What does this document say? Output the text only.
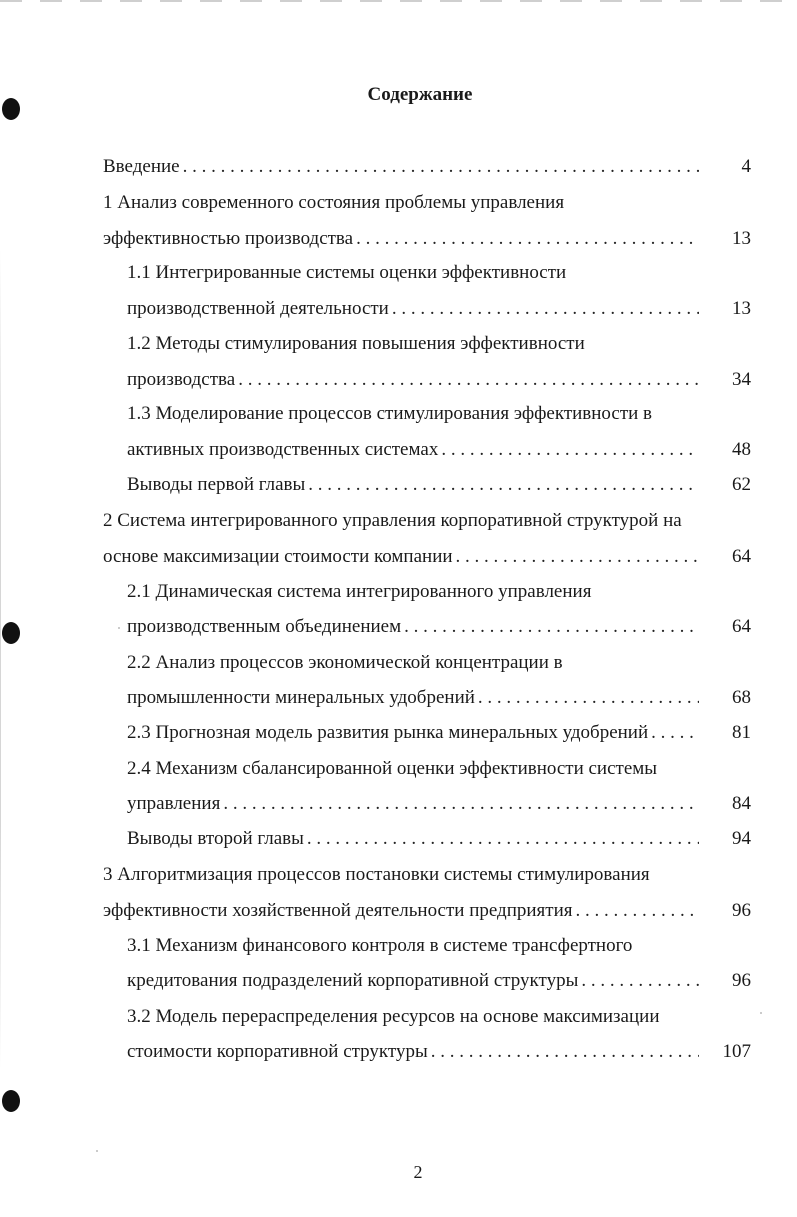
Содержание
Введение . . .	4
1 Анализ современного состояния проблемы управления
эффективностью производства . . .	13
1.1 Интегрированные системы оценки эффективности
производственной деятельности . . .	13
1.2 Методы стимулирования повышения эффективности
производства . . .	34
1.3 Моделирование процессов стимулирования эффективности в
активных производственных системах . . .	48
Выводы первой главы . . .	62
2 Система интегрированного управления корпоративной структурой на
основе максимизации стоимости компании . . .	64
2.1 Динамическая система интегрированного управления
производственным объединением . . .	64
2.2 Анализ процессов экономической концентрации в
промышленности минеральных удобрений . . .	68
2.3 Прогнозная модель развития рынка минеральных удобрений . . .	81
2.4 Механизм сбалансированной оценки эффективности системы
управления . . .	84
Выводы второй главы . . .	94
3 Алгоритмизация процессов постановки системы стимулирования
эффективности хозяйственной деятельности предприятия . . .	96
3.1 Механизм финансового контроля в системе трансфертного
кредитования подразделений корпоративной структуры . . .	96
3.2 Модель перераспределения ресурсов на основе максимизации
стоимости корпоративной структуры . . .	107
2
